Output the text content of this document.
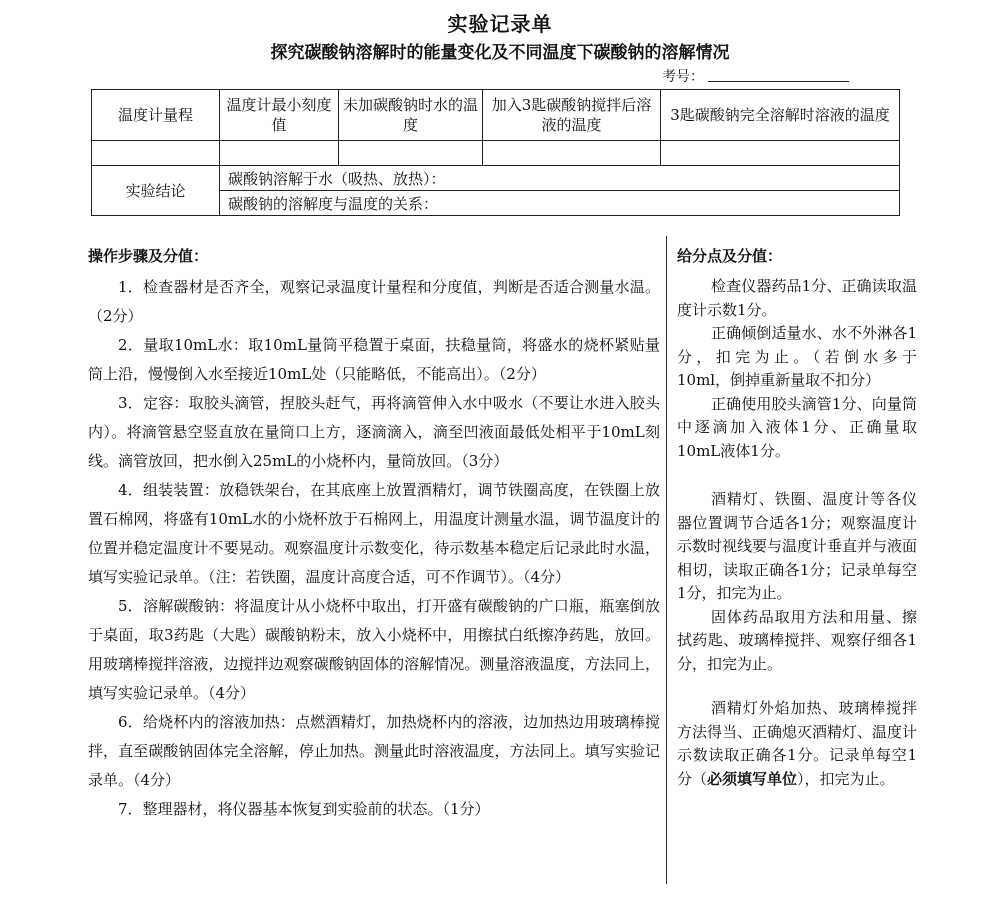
实验记录单
探究碳酸钠溶解时的能量变化及不同温度下碳酸钠的溶解情况
考号：
温度计量程	温度计最小刻度值	未加碳酸钠时水的温度	加入3匙碳酸钠搅拌后溶液的温度	3匙碳酸钠完全溶解时溶液的温度

实验结论	碳酸钠溶解于水（吸热、放热）：			
	碳酸钠的溶解度与温度的关系：			
操作步骤及分值：

1．检查器材是否齐全，观察记录温度计量程和分度值，判断是否适合测量水温。（2分）

2．量取10mL水：取10mL量筒平稳置于桌面，扶稳量筒，将盛水的烧杯紧贴量筒上沿，慢慢倒入水至接近10mL处（只能略低，不能高出）。（2分）

3．定容：取胶头滴管，捏胶头赶气，再将滴管伸入水中吸水（不要让水进入胶头内）。将滴管悬空竖直放在量筒口上方，逐滴滴入，滴至凹液面最低处相平于10mL刻线。滴管放回，把水倒入25mL的小烧杯内，量筒放回。（3分）

4．组装装置：放稳铁架台，在其底座上放置酒精灯，调节铁圈高度，在铁圈上放置石棉网，将盛有10mL水的小烧杯放于石棉网上，用温度计测量水温，调节温度计的位置并稳定温度计不要晃动。观察温度计示数变化，待示数基本稳定后记录此时水温，填写实验记录单。（注：若铁圈，温度计高度合适，可不作调节）。（4分）

5．溶解碳酸钠：将温度计从小烧杯中取出，打开盛有碳酸钠的广口瓶，瓶塞倒放于桌面，取3药匙（大匙）碳酸钠粉末，放入小烧杯中，用擦拭白纸擦净药匙，放回。用玻璃棒搅拌溶液，边搅拌边观察碳酸钠固体的溶解情况。测量溶液温度，方法同上，填写实验记录单。（4分）

6．给烧杯内的溶液加热：点燃酒精灯，加热烧杯内的溶液，边加热边用玻璃棒搅拌，直至碳酸钠固体完全溶解，停止加热。测量此时溶液温度，方法同上。填写实验记录单。（4分）

7．整理器材，将仪器基本恢复到实验前的状态。（1分）

给分点及分值：

检查仪器药品1分、正确读取温度计示数1分。

正确倾倒适量水、水不外淋各1分，扣完为止。（若倒水多于10ml，倒掉重新量取不扣分）

正确使用胶头滴管1分、向量筒中逐滴加入液体1分、正确量取10mL液体1分。

酒精灯、铁圈、温度计等各仪器位置调节合适各1分；观察温度计示数时视线要与温度计垂直并与液面相切，读取正确各1分；记录单每空1分，扣完为止。

固体药品取用方法和用量、擦拭药匙、玻璃棒搅拌、观察仔细各1分，扣完为止。

酒精灯外焰加热、玻璃棒搅拌方法得当、正确熄灭酒精灯、温度计示数读取正确各1分。记录单每空1分（必须填写单位），扣完为止。
